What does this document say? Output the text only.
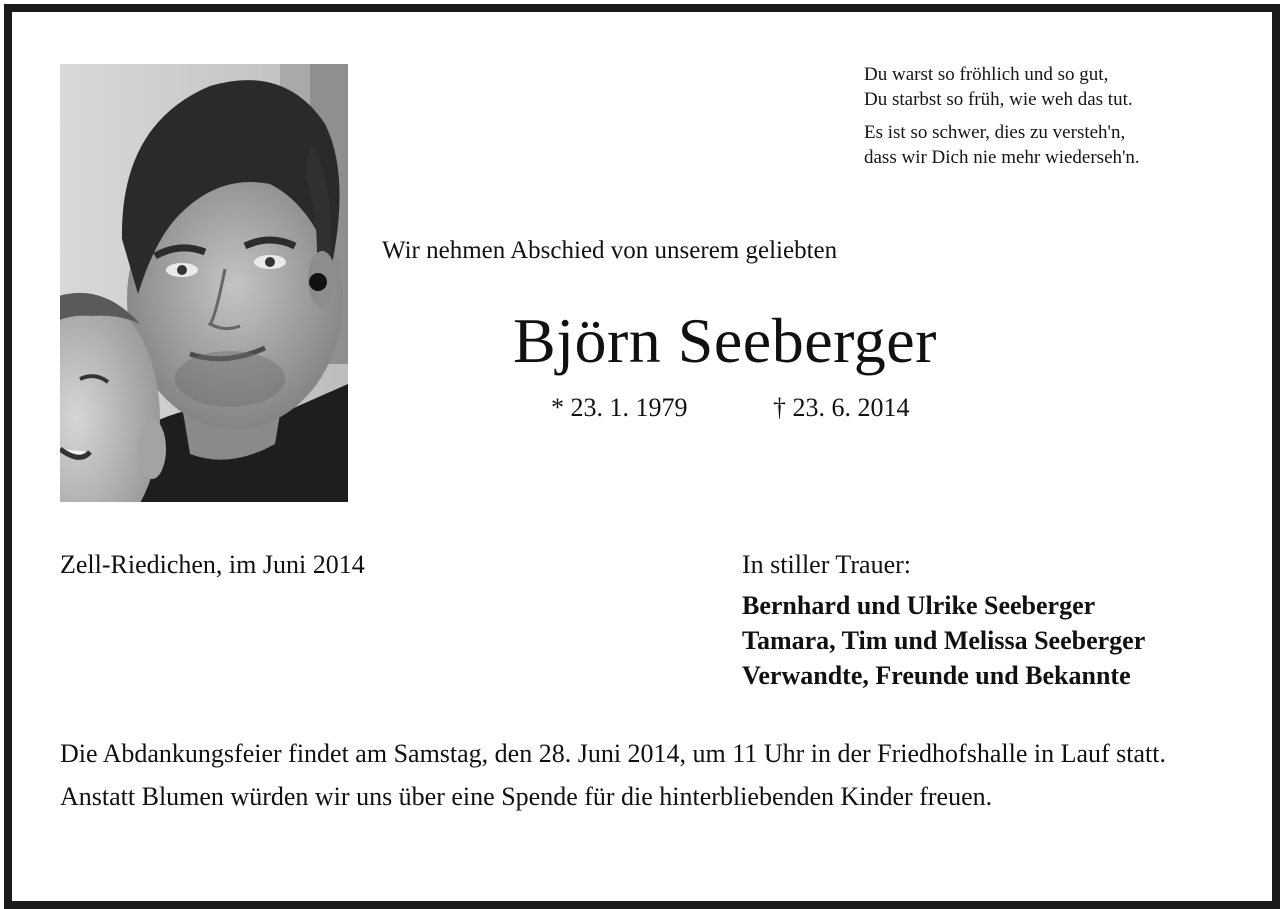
Du warst so fröhlich und so gut,
Du starbst so früh, wie weh das tut.
Es ist so schwer, dies zu versteh'n,
dass wir Dich nie mehr wiederseh'n.
Wir nehmen Abschied von unserem geliebten
Björn Seeberger
* 23. 1. 1979	† 23. 6. 2014
Zell-Riedichen, im Juni 2014	In stiller Trauer:
Bernhard und Ulrike Seeberger
Tamara, Tim und Melissa Seeberger
Verwandte, Freunde und Bekannte

Die Abdankungsfeier findet am Samstag, den 28. Juni 2014, um 11 Uhr in der Friedhofshalle in Lauf statt.

Anstatt Blumen würden wir uns über eine Spende für die hinterbliebenden Kinder freuen.
